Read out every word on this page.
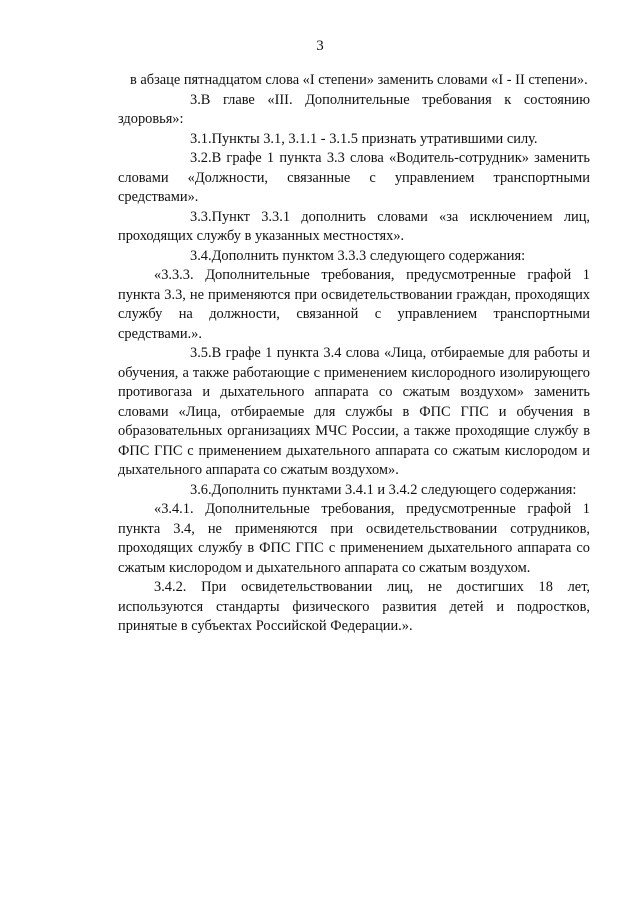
3

в абзаце пятнадцатом слова «I степени» заменить словами «I - II степени».

3.В главе «III. Дополнительные требования к состоянию здоровья»:

3.1.Пункты 3.1, 3.1.1 - 3.1.5 признать утратившими силу.

3.2.В графе 1 пункта 3.3 слова «Водитель-сотрудник» заменить словами «Должности, связанные с управлением транспортными средствами».

3.3.Пункт 3.3.1 дополнить словами «за исключением лиц, проходящих службу в указанных местностях».

3.4.Дополнить пунктом 3.3.3 следующего содержания:

«3.3.3. Дополнительные требования, предусмотренные графой 1 пункта 3.3, не применяются при освидетельствовании граждан, проходящих службу на должности, связанной с управлением транспортными средствами.».

3.5.В графе 1 пункта 3.4 слова «Лица, отбираемые для работы и обучения, а также работающие с применением кислородного изолирующего противогаза и дыхательного аппарата со сжатым воздухом» заменить словами «Лица, отбираемые для службы в ФПС ГПС и обучения в образовательных организациях МЧС России, а также проходящие службу в ФПС ГПС с применением дыхательного аппарата со сжатым кислородом и дыхательного аппарата со сжатым воздухом».

3.6.Дополнить пунктами 3.4.1 и 3.4.2 следующего содержания:

«3.4.1. Дополнительные требования, предусмотренные графой 1 пункта 3.4, не применяются при освидетельствовании сотрудников, проходящих службу в ФПС ГПС с применением дыхательного аппарата со сжатым кислородом и дыхательного аппарата со сжатым воздухом.

3.4.2. При освидетельствовании лиц, не достигших 18 лет, используются стандарты физического развития детей и подростков, принятые в субъектах Российской Федерации.».
